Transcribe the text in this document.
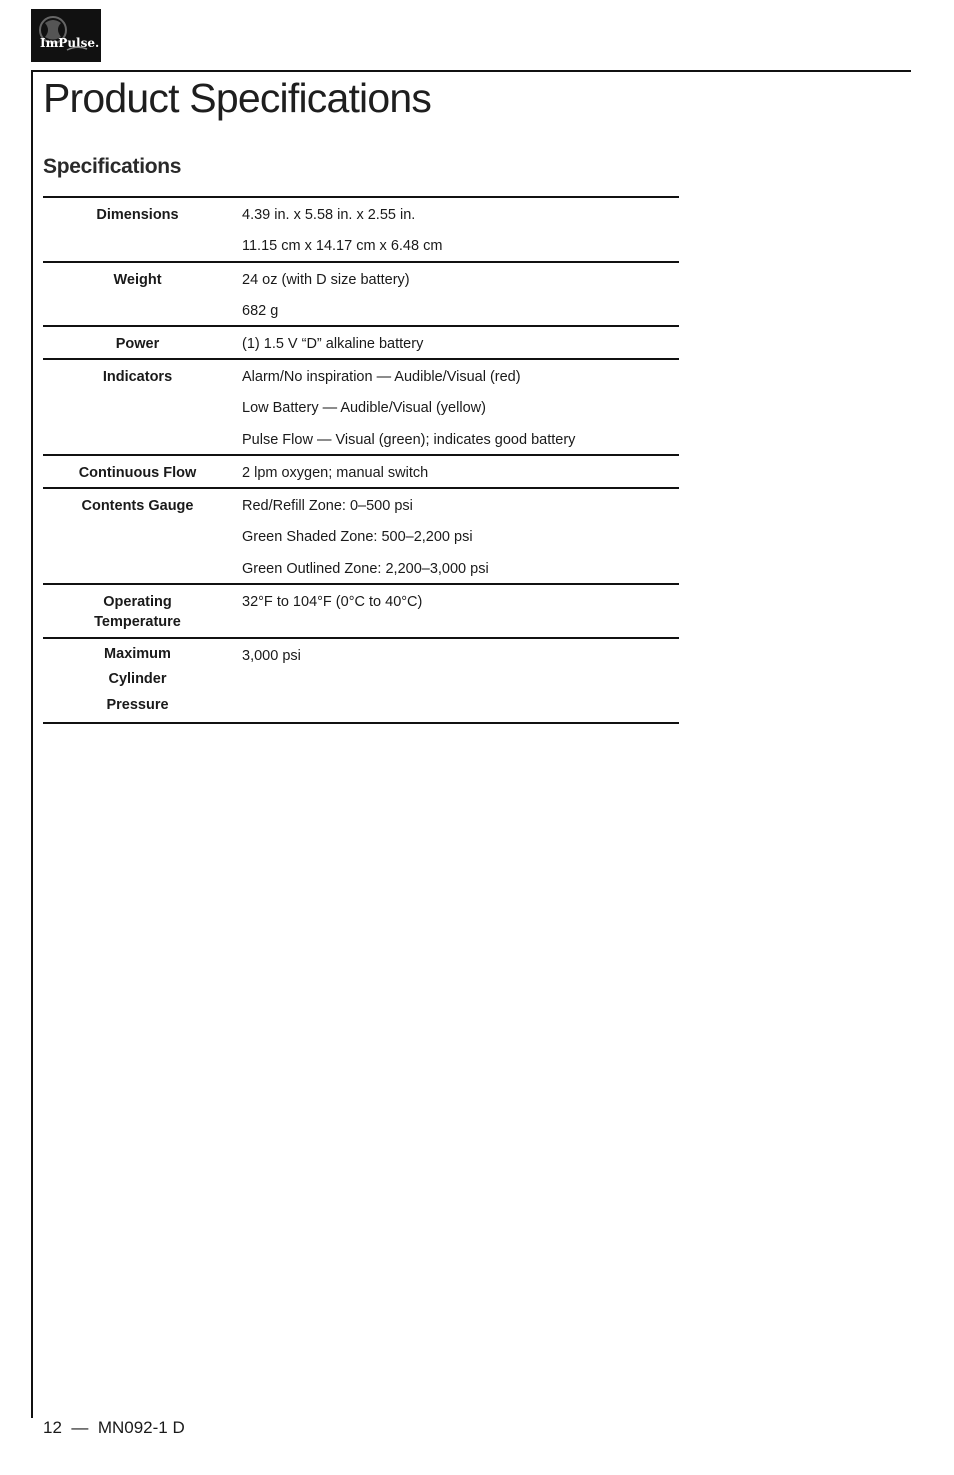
ImPulse.
Product Specifications
Specifications
Dimensions	4.39 in. x 5.58 in. x 2.55 in.
11.15 cm x 14.17 cm x 6.48 cm

Weight	24 oz (with D size battery)
682 g

Power	(1) 1.5 V “D” alkaline battery

Indicators	Alarm/No inspiration — Audible/Visual (red)
Low Battery — Audible/Visual (yellow)
Pulse Flow — Visual (green); indicates good battery

Continuous Flow	2 lpm oxygen; manual switch

Contents Gauge	Red/Refill Zone: 0–500 psi
Green Shaded Zone: 500–2,200 psi
Green Outlined Zone: 2,200–3,000 psi

Operating
Temperature	32°F to 104°F (0°C to 40°C)

Maximum
Cylinder
Pressure	3,000 psi
12 — MN092-1 D
